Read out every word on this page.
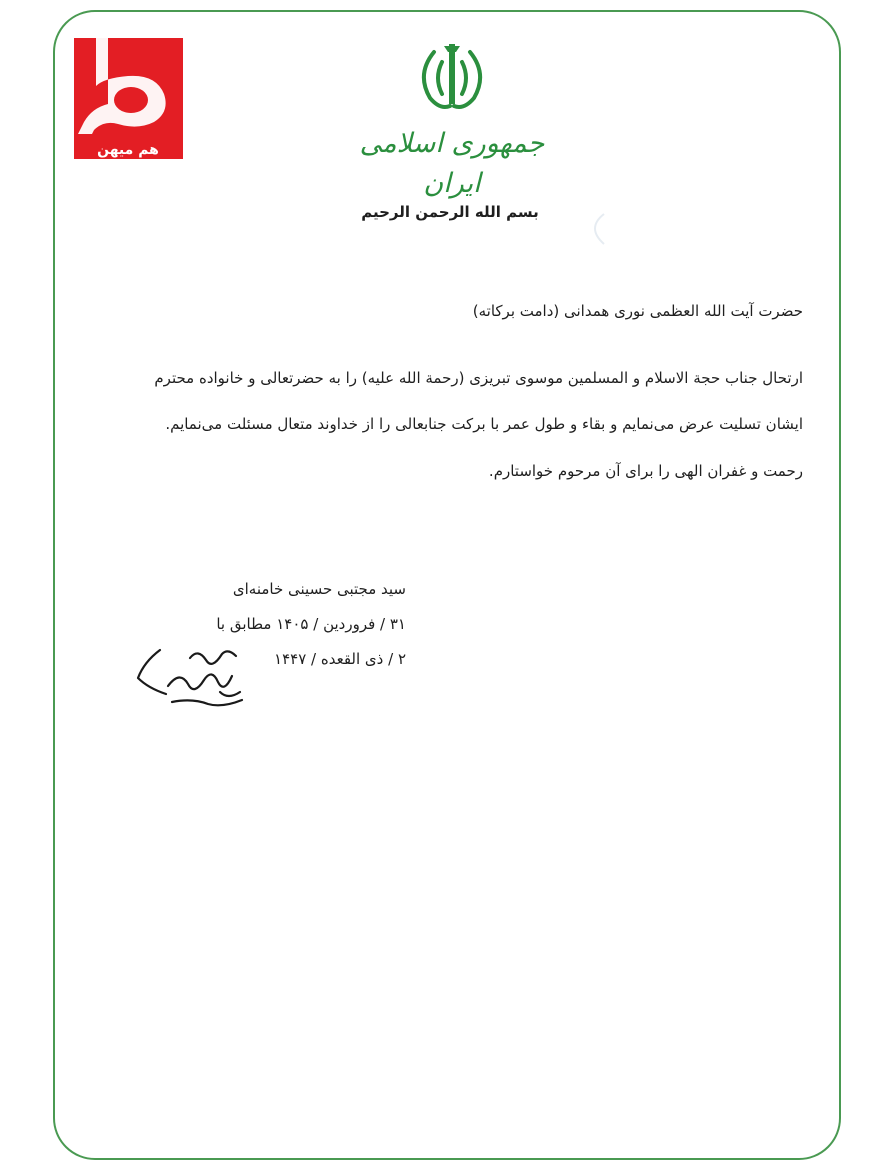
هم میهن	جمهوری اسلامی ایران
بسم الله الرحمن الرحيم
حضرت آیت الله العظمی نوری همدانی (دامت برکاته)
ارتحال جناب حجة الاسلام و المسلمین موسوی تبریزی (رحمة الله علیه) را به حضرتعالی و خانواده محترم
ایشان تسلیت عرض می‌نمایم و بقاء و طول عمر با برکت جنابعالی را از خداوند متعال مسئلت می‌نمایم.
رحمت و غفران الهی را برای آن مرحوم خواستارم.
سید مجتبی حسینی خامنه‌ای
۳۱ / فروردین / ۱۴۰۵ مطابق با
۲ / ذی القعده / ۱۴۴۷
